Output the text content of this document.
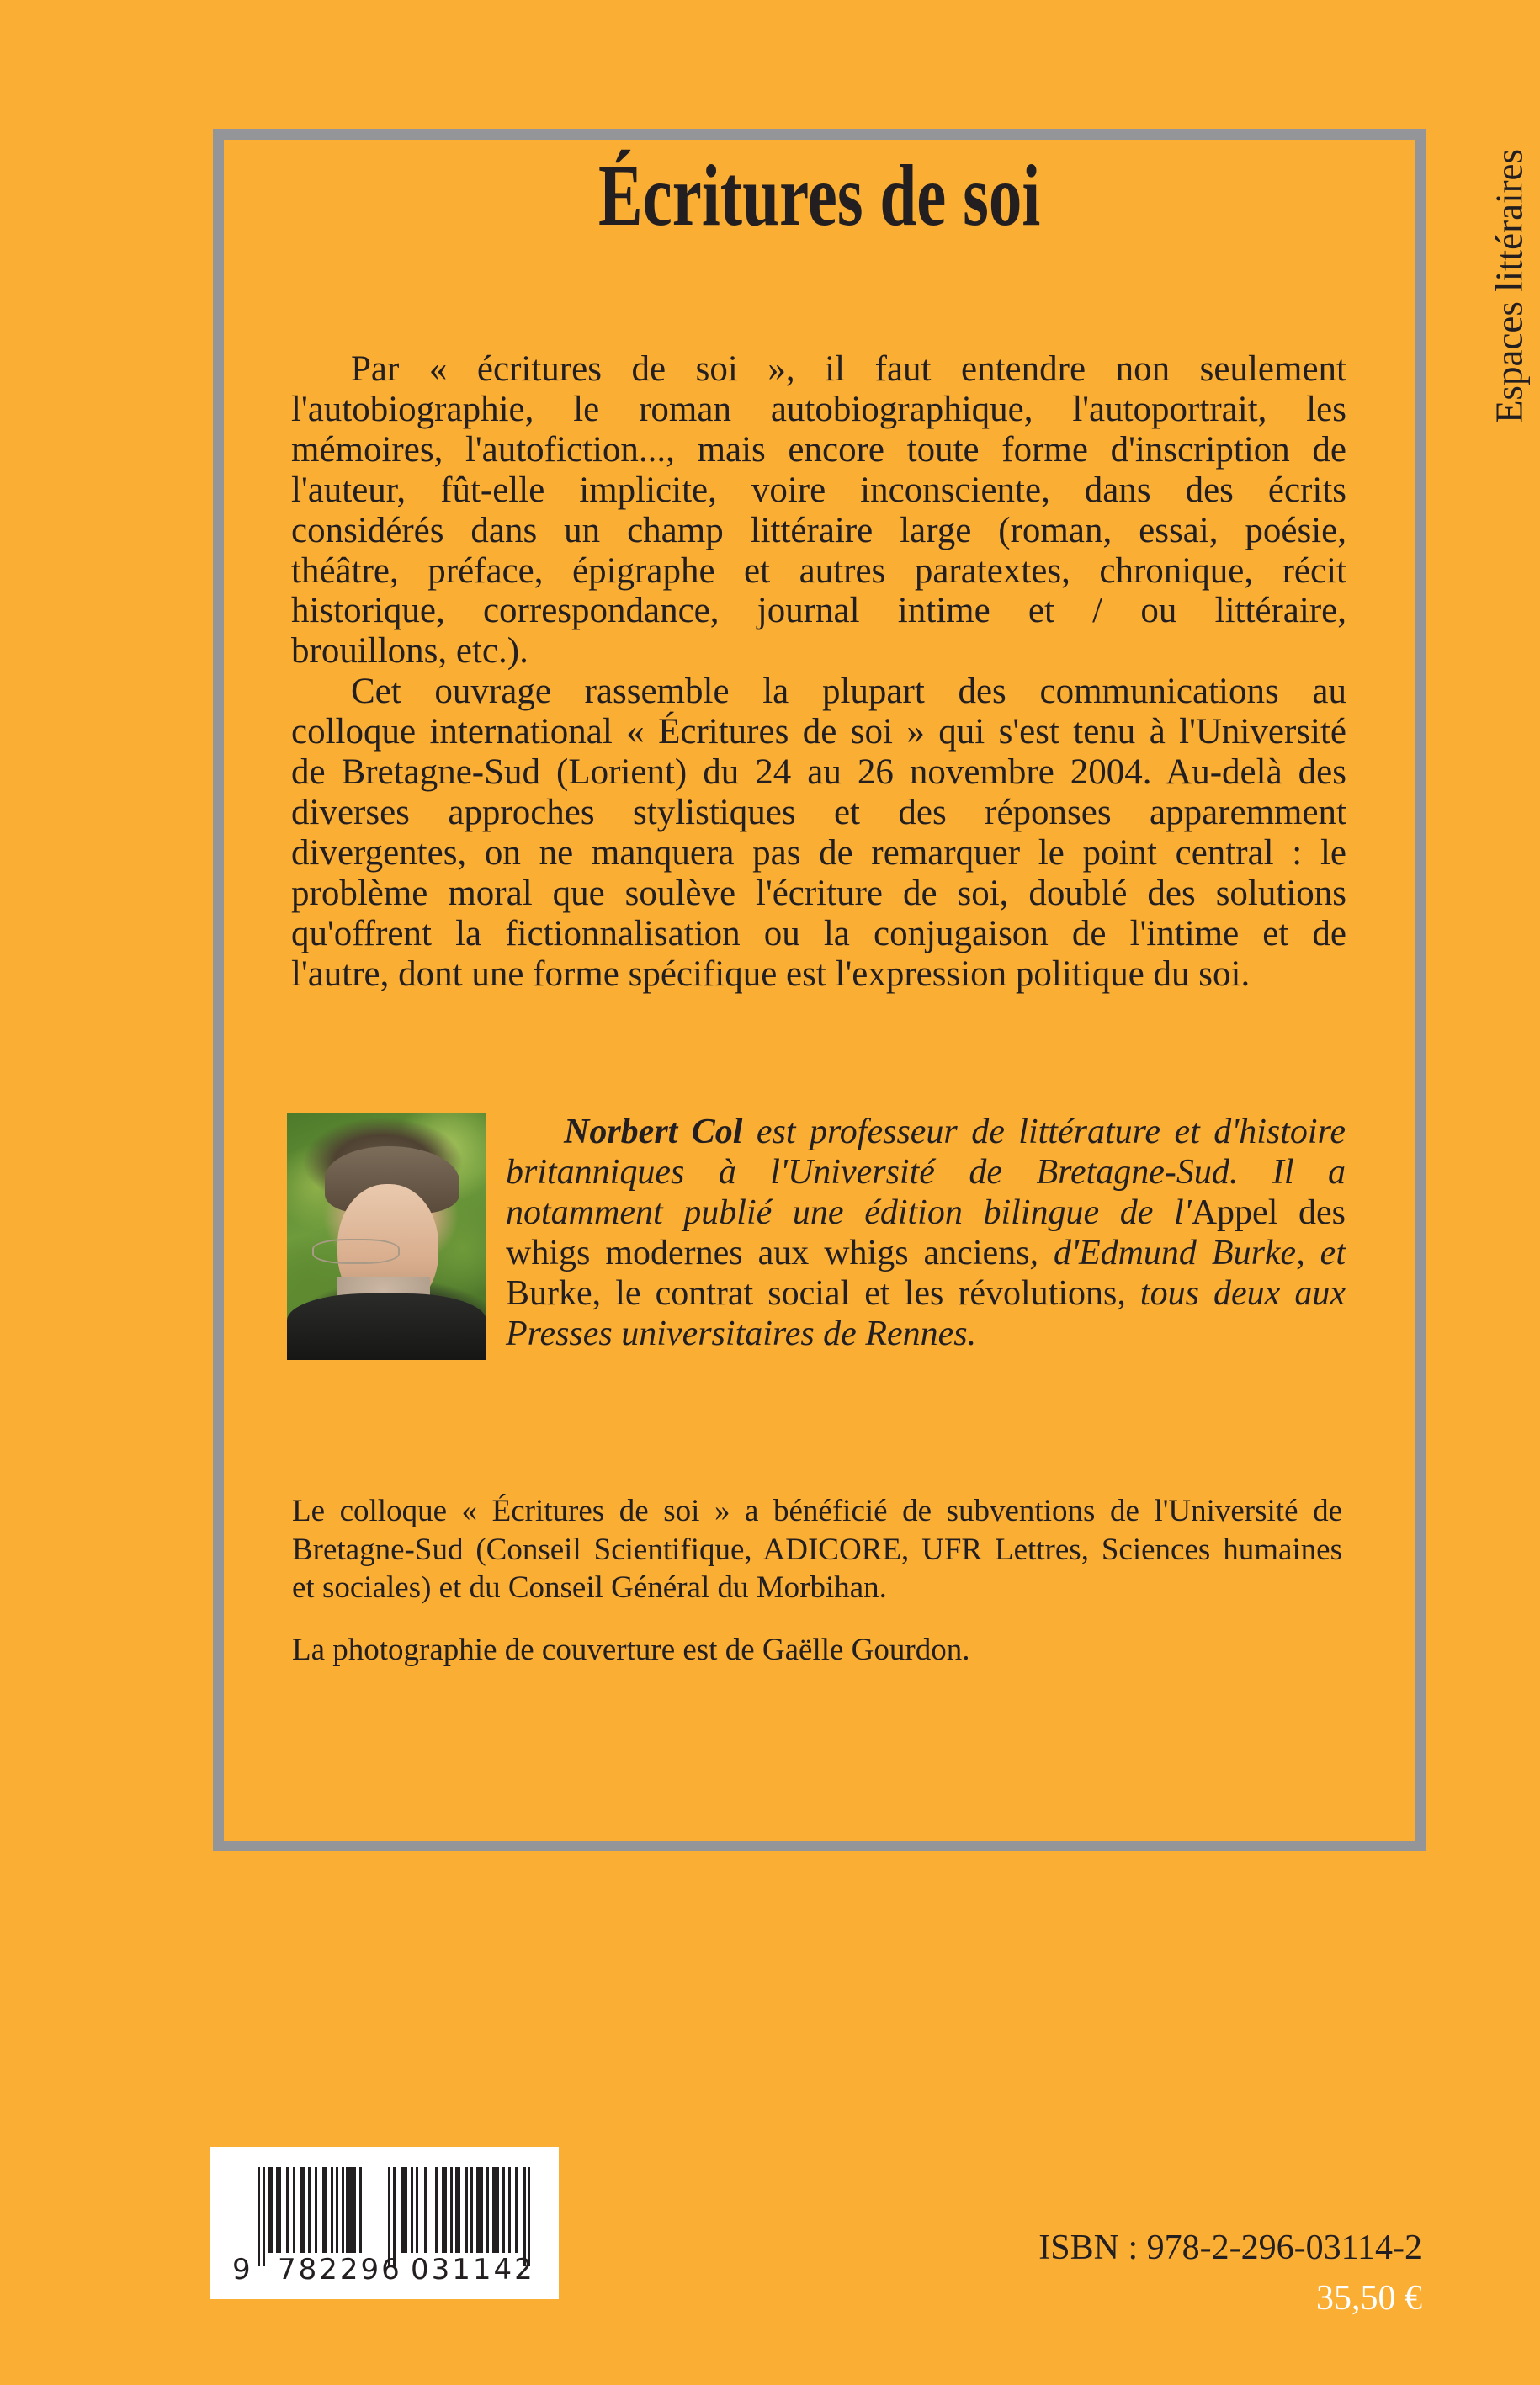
Espaces littéraires
Écritures de soi

Par « écritures de soi », il faut entendre non seulement
l'autobiographie, le roman autobiographique, l'autoportrait, les
mémoires, l'autofiction..., mais encore toute forme d'inscription de
l'auteur, fût-elle implicite, voire inconsciente, dans des écrits
considérés dans un champ littéraire large (roman, essai, poésie,
théâtre, préface, épigraphe et autres paratextes, chronique, récit
historique, correspondance, journal intime et / ou littéraire,
brouillons, etc.).

Cet ouvrage rassemble la plupart des communications au
colloque international « Écritures de soi » qui s'est tenu à l'Université
de Bretagne-Sud (Lorient) du 24 au 26 novembre 2004. Au-delà des
diverses approches stylistiques et des réponses apparemment
divergentes, on ne manquera pas de remarquer le point central : le
problème moral que soulève l'écriture de soi, doublé des solutions
qu'offrent la fictionnalisation ou la conjugaison de l'intime et de
l'autre, dont une forme spécifique est l'expression politique du soi.

Norbert Col est professeur de littérature et d'histoire
britanniques à l'Université de Bretagne-Sud. Il a
notamment publié une édition bilingue de l'Appel des
whigs modernes aux whigs anciens, d'Edmund Burke, et
Burke, le contrat social et les révolutions, tous deux aux
Presses universitaires de Rennes.

Le colloque « Écritures de soi » a bénéficié de subventions de l'Université de
Bretagne-Sud (Conseil Scientifique, ADICORE, UFR Lettres, Sciences humaines
et sociales) et du Conseil Général du Morbihan.

La photographie de couverture est de Gaëlle Gourdon.

9 782296 031142
ISBN : 978-2-296-03114-2
35,50 €
